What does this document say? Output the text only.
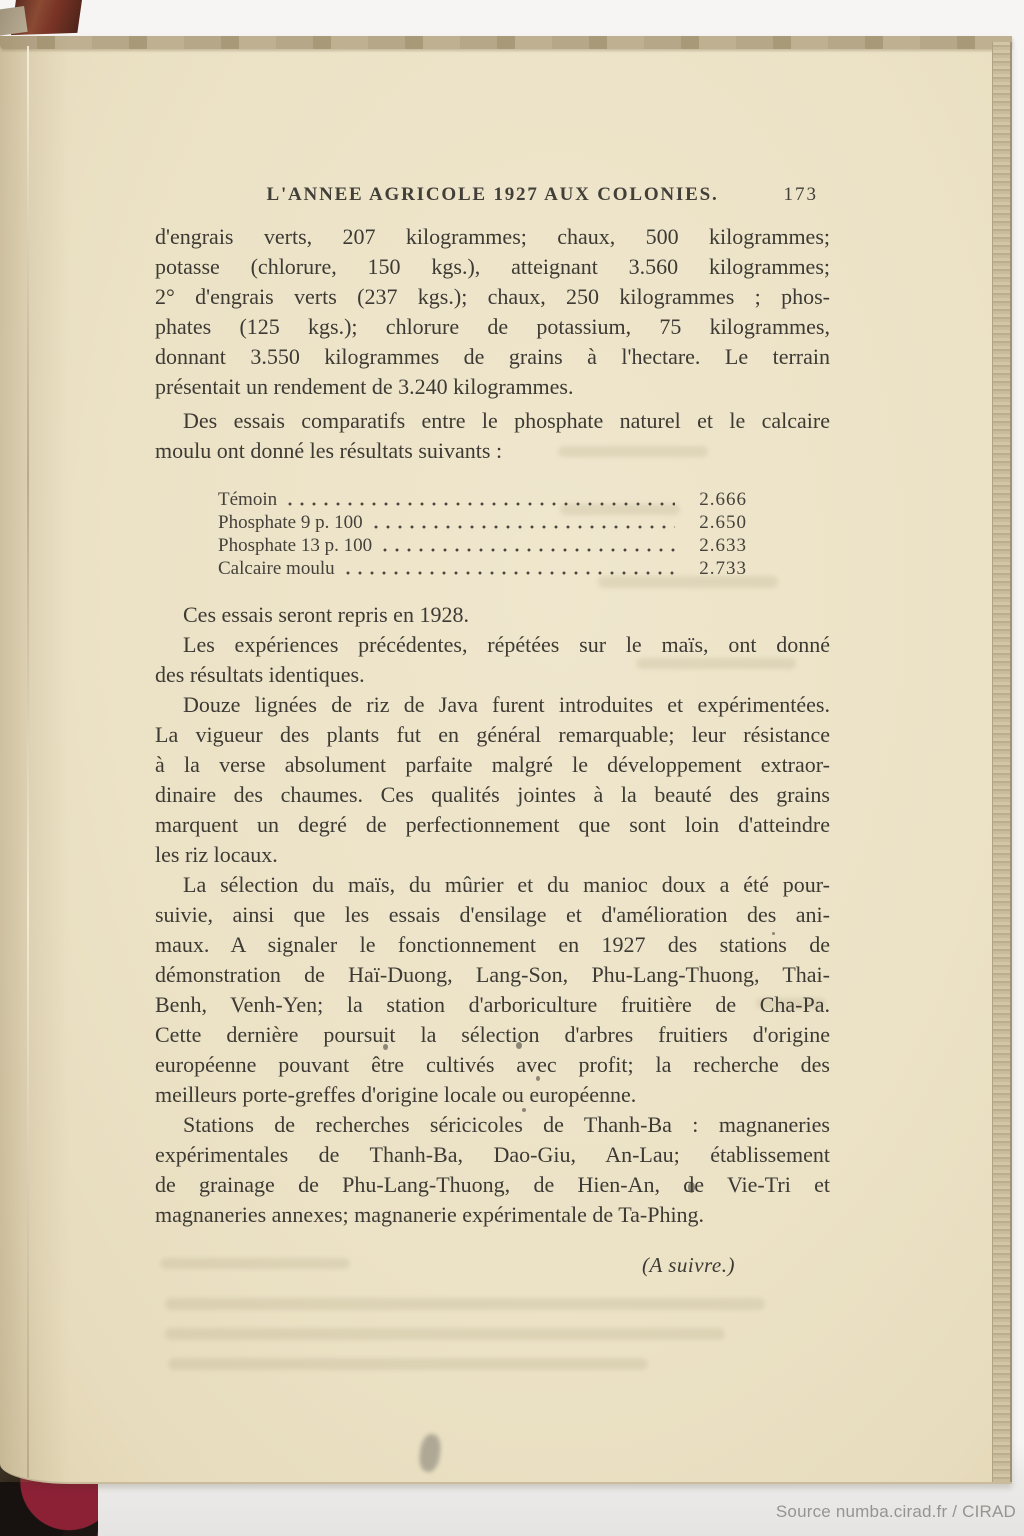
L'ANNEE AGRICOLE 1927 AUX COLONIES.	173
d'engrais verts, 207 kilogrammes; chaux, 500 kilogrammes;
potasse (chlorure, 150 kgs.), atteignant 3.560 kilogrammes;
2° d'engrais verts (237 kgs.); chaux, 250 kilogrammes ; phos-
phates (125 kgs.); chlorure de potassium, 75 kilogrammes,
donnant 3.550 kilogrammes de grains à l'hectare. Le terrain
présentait un rendement de 3.240 kilogrammes.
Des essais comparatifs entre le phosphate naturel et le calcaire
moulu ont donné les résultats suivants :
Témoin	2.666
Phosphate 9 p. 100	2.650
Phosphate 13 p. 100	2.633
Calcaire moulu	2.733
Ces essais seront repris en 1928.
Les expériences précédentes, répétées sur le maïs, ont donné
des résultats identiques.
Douze lignées de riz de Java furent introduites et expérimentées.
La vigueur des plants fut en général remarquable; leur résistance
à la verse absolument parfaite malgré le développement extraor-
dinaire des chaumes. Ces qualités jointes à la beauté des grains
marquent un degré de perfectionnement que sont loin d'atteindre
les riz locaux.
La sélection du maïs, du mûrier et du manioc doux a été pour-
suivie, ainsi que les essais d'ensilage et d'amélioration des ani-
maux. A signaler le fonctionnement en 1927 des stations de
démonstration de Haï-Duong, Lang-Son, Phu-Lang-Thuong, Thai-
Benh, Venh-Yen; la station d'arboriculture fruitière de Cha-Pa.
Cette dernière poursuit la sélection d'arbres fruitiers d'origine
européenne pouvant être cultivés avec profit; la recherche des
meilleurs porte-greffes d'origine locale ou européenne.
Stations de recherches séricicoles de Thanh-Ba : magnaneries
expérimentales de Thanh-Ba, Dao-Giu, An-Lau; établissement
de grainage de Phu-Lang-Thuong, de Hien-An, de Vie-Tri et
magnaneries annexes; magnanerie expérimentale de Ta-Phing.
(A suivre.)
Source numba.cirad.fr / CIRAD
